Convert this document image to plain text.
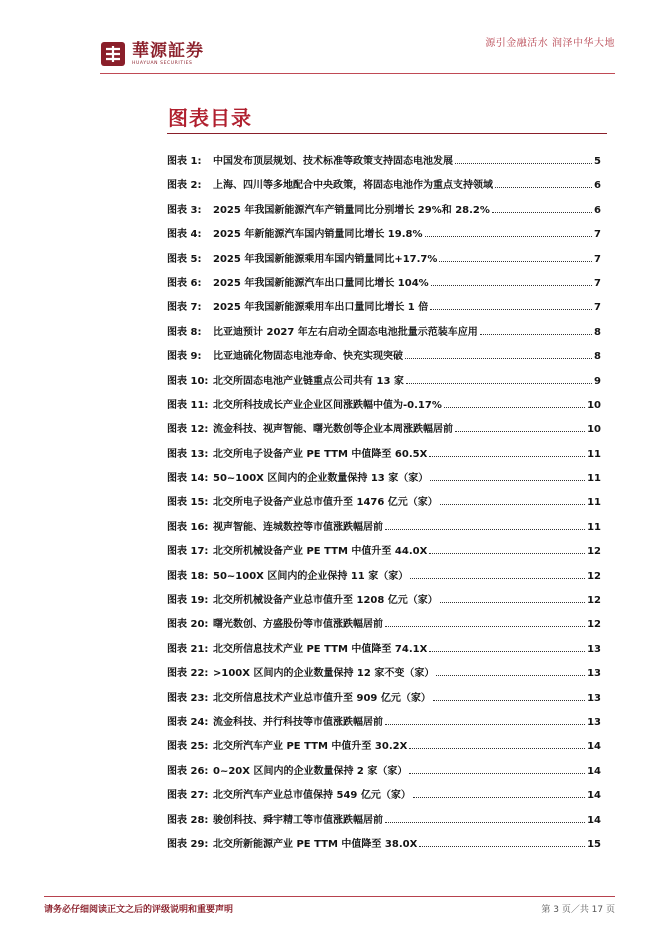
華源証券
HUAYUAN SECURITIES
源引金融活水 润泽中华大地
图表目录
图表 1:	中国发布顶层规划、技术标准等政策支持固态电池发展	5
图表 2:	上海、四川等多地配合中央政策，将固态电池作为重点支持领域	6
图表 3:	2025 年我国新能源汽车产销量同比分别增长 29%和 28.2%	6
图表 4:	2025 年新能源汽车国内销量同比增长 19.8%	7
图表 5:	2025 年我国新能源乘用车国内销量同比+17.7%	7
图表 6:	2025 年我国新能源汽车出口量同比增长 104%	7
图表 7:	2025 年我国新能源乘用车出口量同比增长 1 倍	7
图表 8:	比亚迪预计 2027 年左右启动全固态电池批量示范装车应用	8
图表 9:	比亚迪硫化物固态电池寿命、快充实现突破	8
图表 10: 北交所固态电池产业链重点公司共有 13 家	9
图表 11: 北交所科技成长产业企业区间涨跌幅中值为-0.17%	10
图表 12: 流金科技、视声智能、曙光数创等企业本周涨跌幅居前	10
图表 13: 北交所电子设备产业 PE TTM 中值降至 60.5X	11
图表 14: 50~100X 区间内的企业数量保持 13 家（家）	11
图表 15: 北交所电子设备产业总市值升至 1476 亿元（家）	11
图表 16: 视声智能、连城数控等市值涨跌幅居前	11
图表 17: 北交所机械设备产业 PE TTM 中值升至 44.0X	12
图表 18: 50~100X 区间内的企业保持 11 家（家）	12
图表 19: 北交所机械设备产业总市值升至 1208 亿元（家）	12
图表 20: 曙光数创、方盛股份等市值涨跌幅居前	12
图表 21: 北交所信息技术产业 PE TTM 中值降至 74.1X	13
图表 22: >100X 区间内的企业数量保持 12 家不变（家）	13
图表 23: 北交所信息技术产业总市值升至 909 亿元（家）	13
图表 24: 流金科技、并行科技等市值涨跌幅居前	13
图表 25: 北交所汽车产业 PE TTM 中值升至 30.2X	14
图表 26: 0~20X 区间内的企业数量保持 2 家（家）	14
图表 27: 北交所汽车产业总市值保持 549 亿元（家）	14
图表 28: 骏创科技、舜宇精工等市值涨跌幅居前	14
图表 29: 北交所新能源产业 PE TTM 中值降至 38.0X	15
请务必仔细阅读正文之后的评级说明和重要声明	第 3 页／共 17 页
